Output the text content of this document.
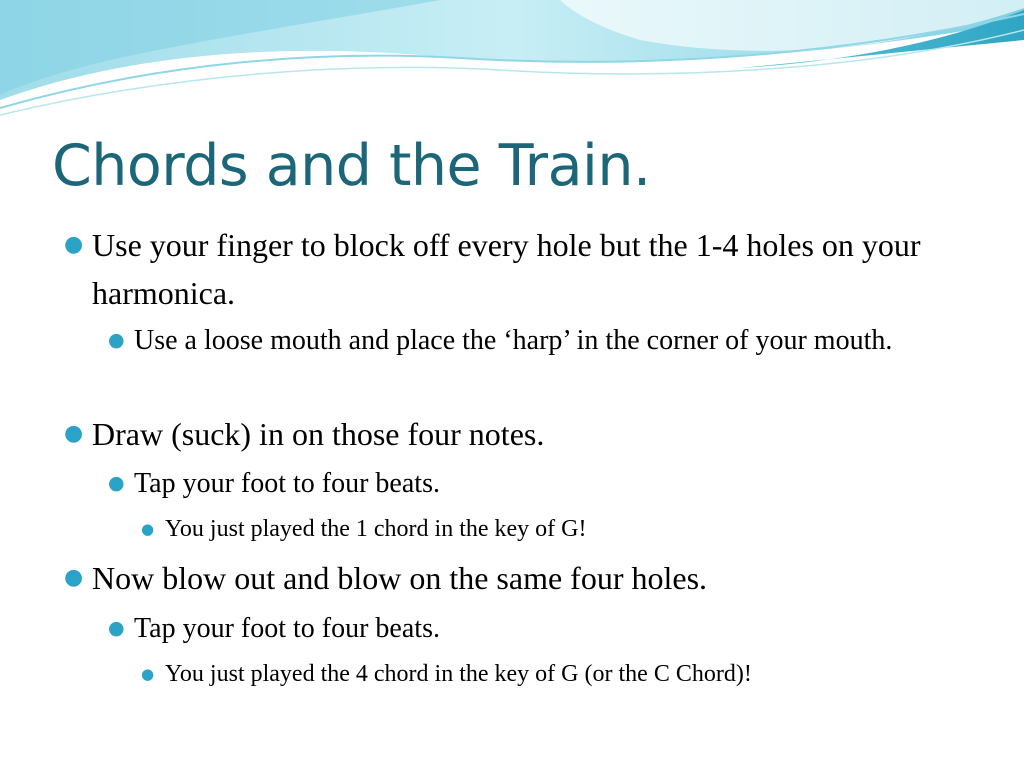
Chords and the Train.
● Use your finger to block off every hole but the 1-4 holes on your harmonica.
● Use a loose mouth and place the ‘harp’ in the corner of your mouth.
● Draw (suck) in on those four notes.
● Tap your foot to four beats.
● You just played the 1 chord in the key of G!
● Now blow out and blow on the same four holes.
● Tap your foot to four beats.
● You just played the 4 chord in the key of G (or the C Chord)!
